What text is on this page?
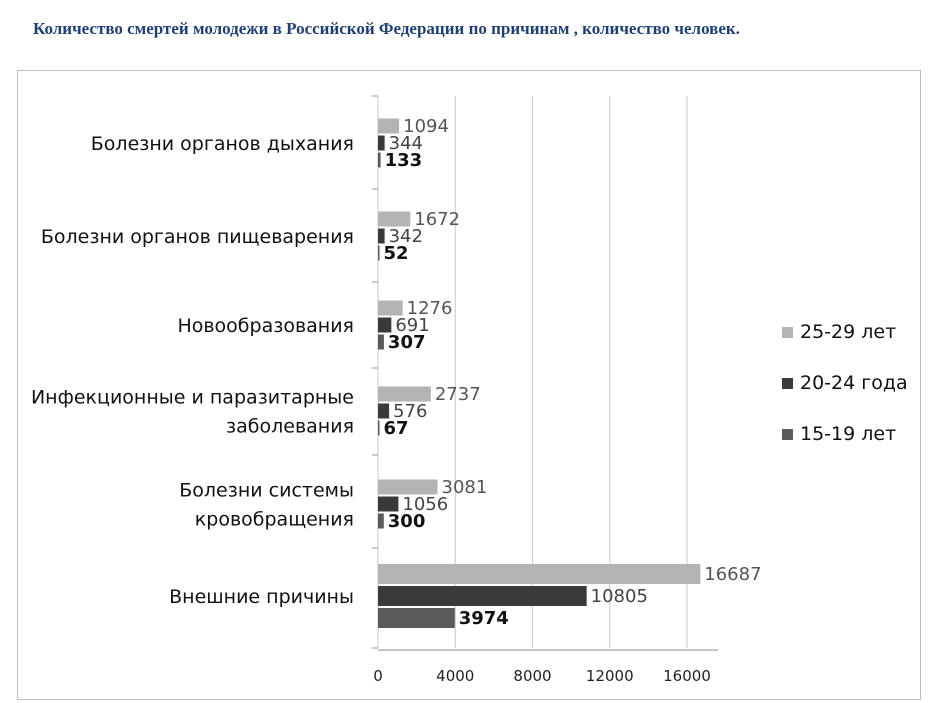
Количество смертей молодежи в Российской Федерации по причинам , количество человек.
0	4000	8000 12000 16000
1094
344
133
Болезни органов дыхания
1672
342
52
Болезни органов пищеварения
1276
691
307
Новообразования
2737
576
67
Инфекционные и паразитарные
заболевания
3081
1056
300
Болезни системы
кровобращения
16687
10805
3974
Внешние причины
25-29 лет
20-24 года
15-19 лет
